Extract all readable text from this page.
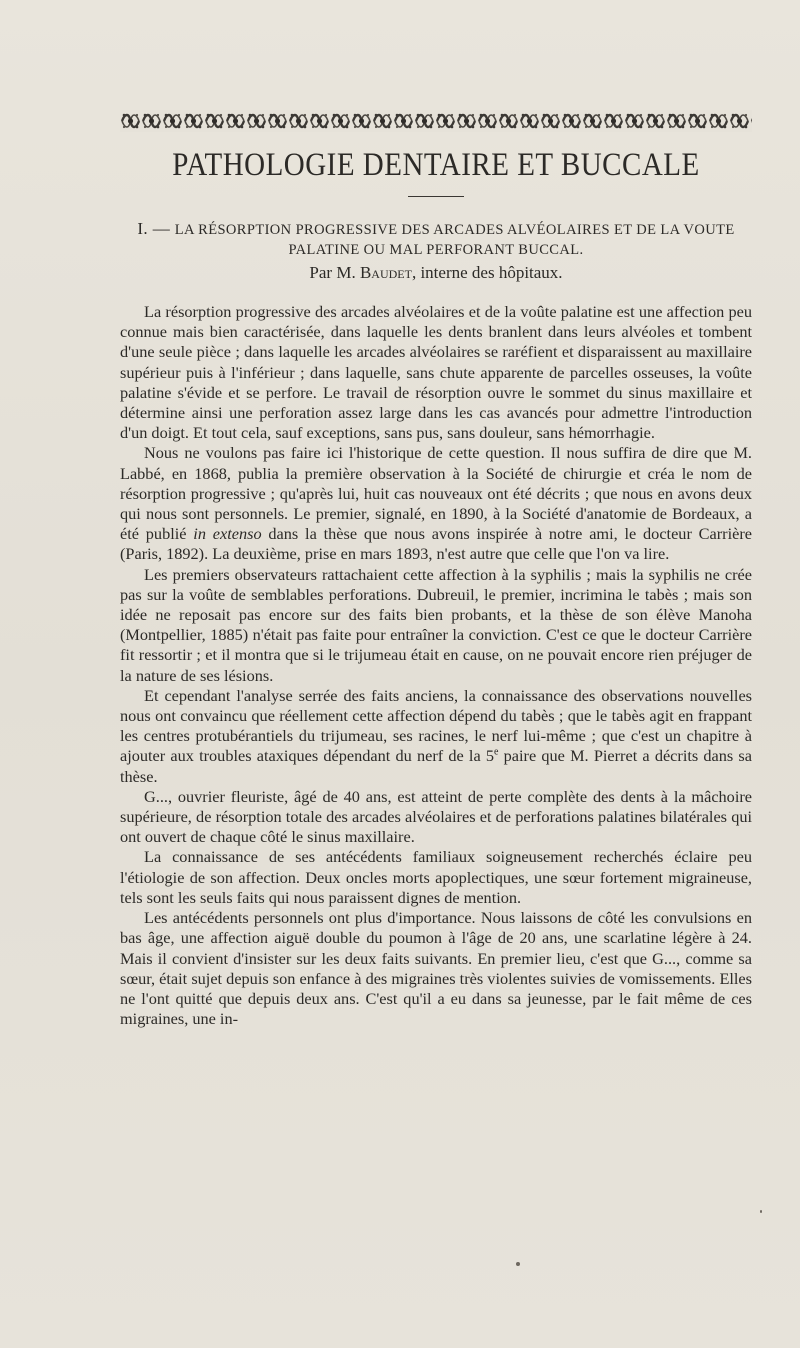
PATHOLOGIE DENTAIRE ET BUCCALE
I. — LA RÉSORPTION PROGRESSIVE DES ARCADES ALVÉOLAIRES ET DE LA VOUTE PALATINE OU MAL PERFORANT BUCCAL.
Par M. Baudet, interne des hôpitaux.

La résorption progressive des arcades alvéolaires et de la voûte palatine est une affection peu connue mais bien caractérisée, dans laquelle les dents branlent dans leurs alvéoles et tombent d'une seule pièce ; dans laquelle les arcades alvéolaires se raréfient et disparaissent au maxillaire supérieur puis à l'inférieur ; dans laquelle, sans chute apparente de parcelles osseuses, la voûte palatine s'évide et se perfore. Le travail de résorption ouvre le sommet du sinus maxillaire et détermine ainsi une perforation assez large dans les cas avancés pour admettre l'introduction d'un doigt. Et tout cela, sauf exceptions, sans pus, sans douleur, sans hémorrhagie.

Nous ne voulons pas faire ici l'historique de cette question. Il nous suffira de dire que M. Labbé, en 1868, publia la première observation à la Société de chirurgie et créa le nom de résorption progressive ; qu'après lui, huit cas nouveaux ont été décrits ; que nous en avons deux qui nous sont personnels. Le premier, signalé, en 1890, à la Société d'anatomie de Bordeaux, a été publié in extenso dans la thèse que nous avons inspirée à notre ami, le docteur Carrière (Paris, 1892). La deuxième, prise en mars 1893, n'est autre que celle que l'on va lire.

Les premiers observateurs rattachaient cette affection à la syphilis ; mais la syphilis ne crée pas sur la voûte de semblables perforations. Dubreuil, le premier, incrimina le tabès ; mais son idée ne reposait pas encore sur des faits bien probants, et la thèse de son élève Manoha (Montpellier, 1885) n'était pas faite pour entraîner la conviction. C'est ce que le docteur Carrière fit ressortir ; et il montra que si le trijumeau était en cause, on ne pouvait encore rien préjuger de la nature de ses lésions.

Et cependant l'analyse serrée des faits anciens, la connaissance des observations nouvelles nous ont convaincu que réellement cette affection dépend du tabès ; que le tabès agit en frappant les centres protubérantiels du trijumeau, ses racines, le nerf lui-même ; que c'est un chapitre à ajouter aux troubles ataxiques dépendant du nerf de la 5e paire que M. Pierret a décrits dans sa thèse.

G..., ouvrier fleuriste, âgé de 40 ans, est atteint de perte complète des dents à la mâchoire supérieure, de résorption totale des arcades alvéolaires et de perforations palatines bilatérales qui ont ouvert de chaque côté le sinus maxillaire.

La connaissance de ses antécédents familiaux soigneusement recherchés éclaire peu l'étiologie de son affection. Deux oncles morts apoplectiques, une sœur fortement migraineuse, tels sont les seuls faits qui nous paraissent dignes de mention.

Les antécédents personnels ont plus d'importance. Nous laissons de côté les convulsions en bas âge, une affection aiguë double du poumon à l'âge de 20 ans, une scarlatine légère à 24. Mais il convient d'insister sur les deux faits suivants. En premier lieu, c'est que G..., comme sa sœur, était sujet depuis son enfance à des migraines très violentes suivies de vomissements. Elles ne l'ont quitté que depuis deux ans. C'est qu'il a eu dans sa jeunesse, par le fait même de ces migraines, une in-
